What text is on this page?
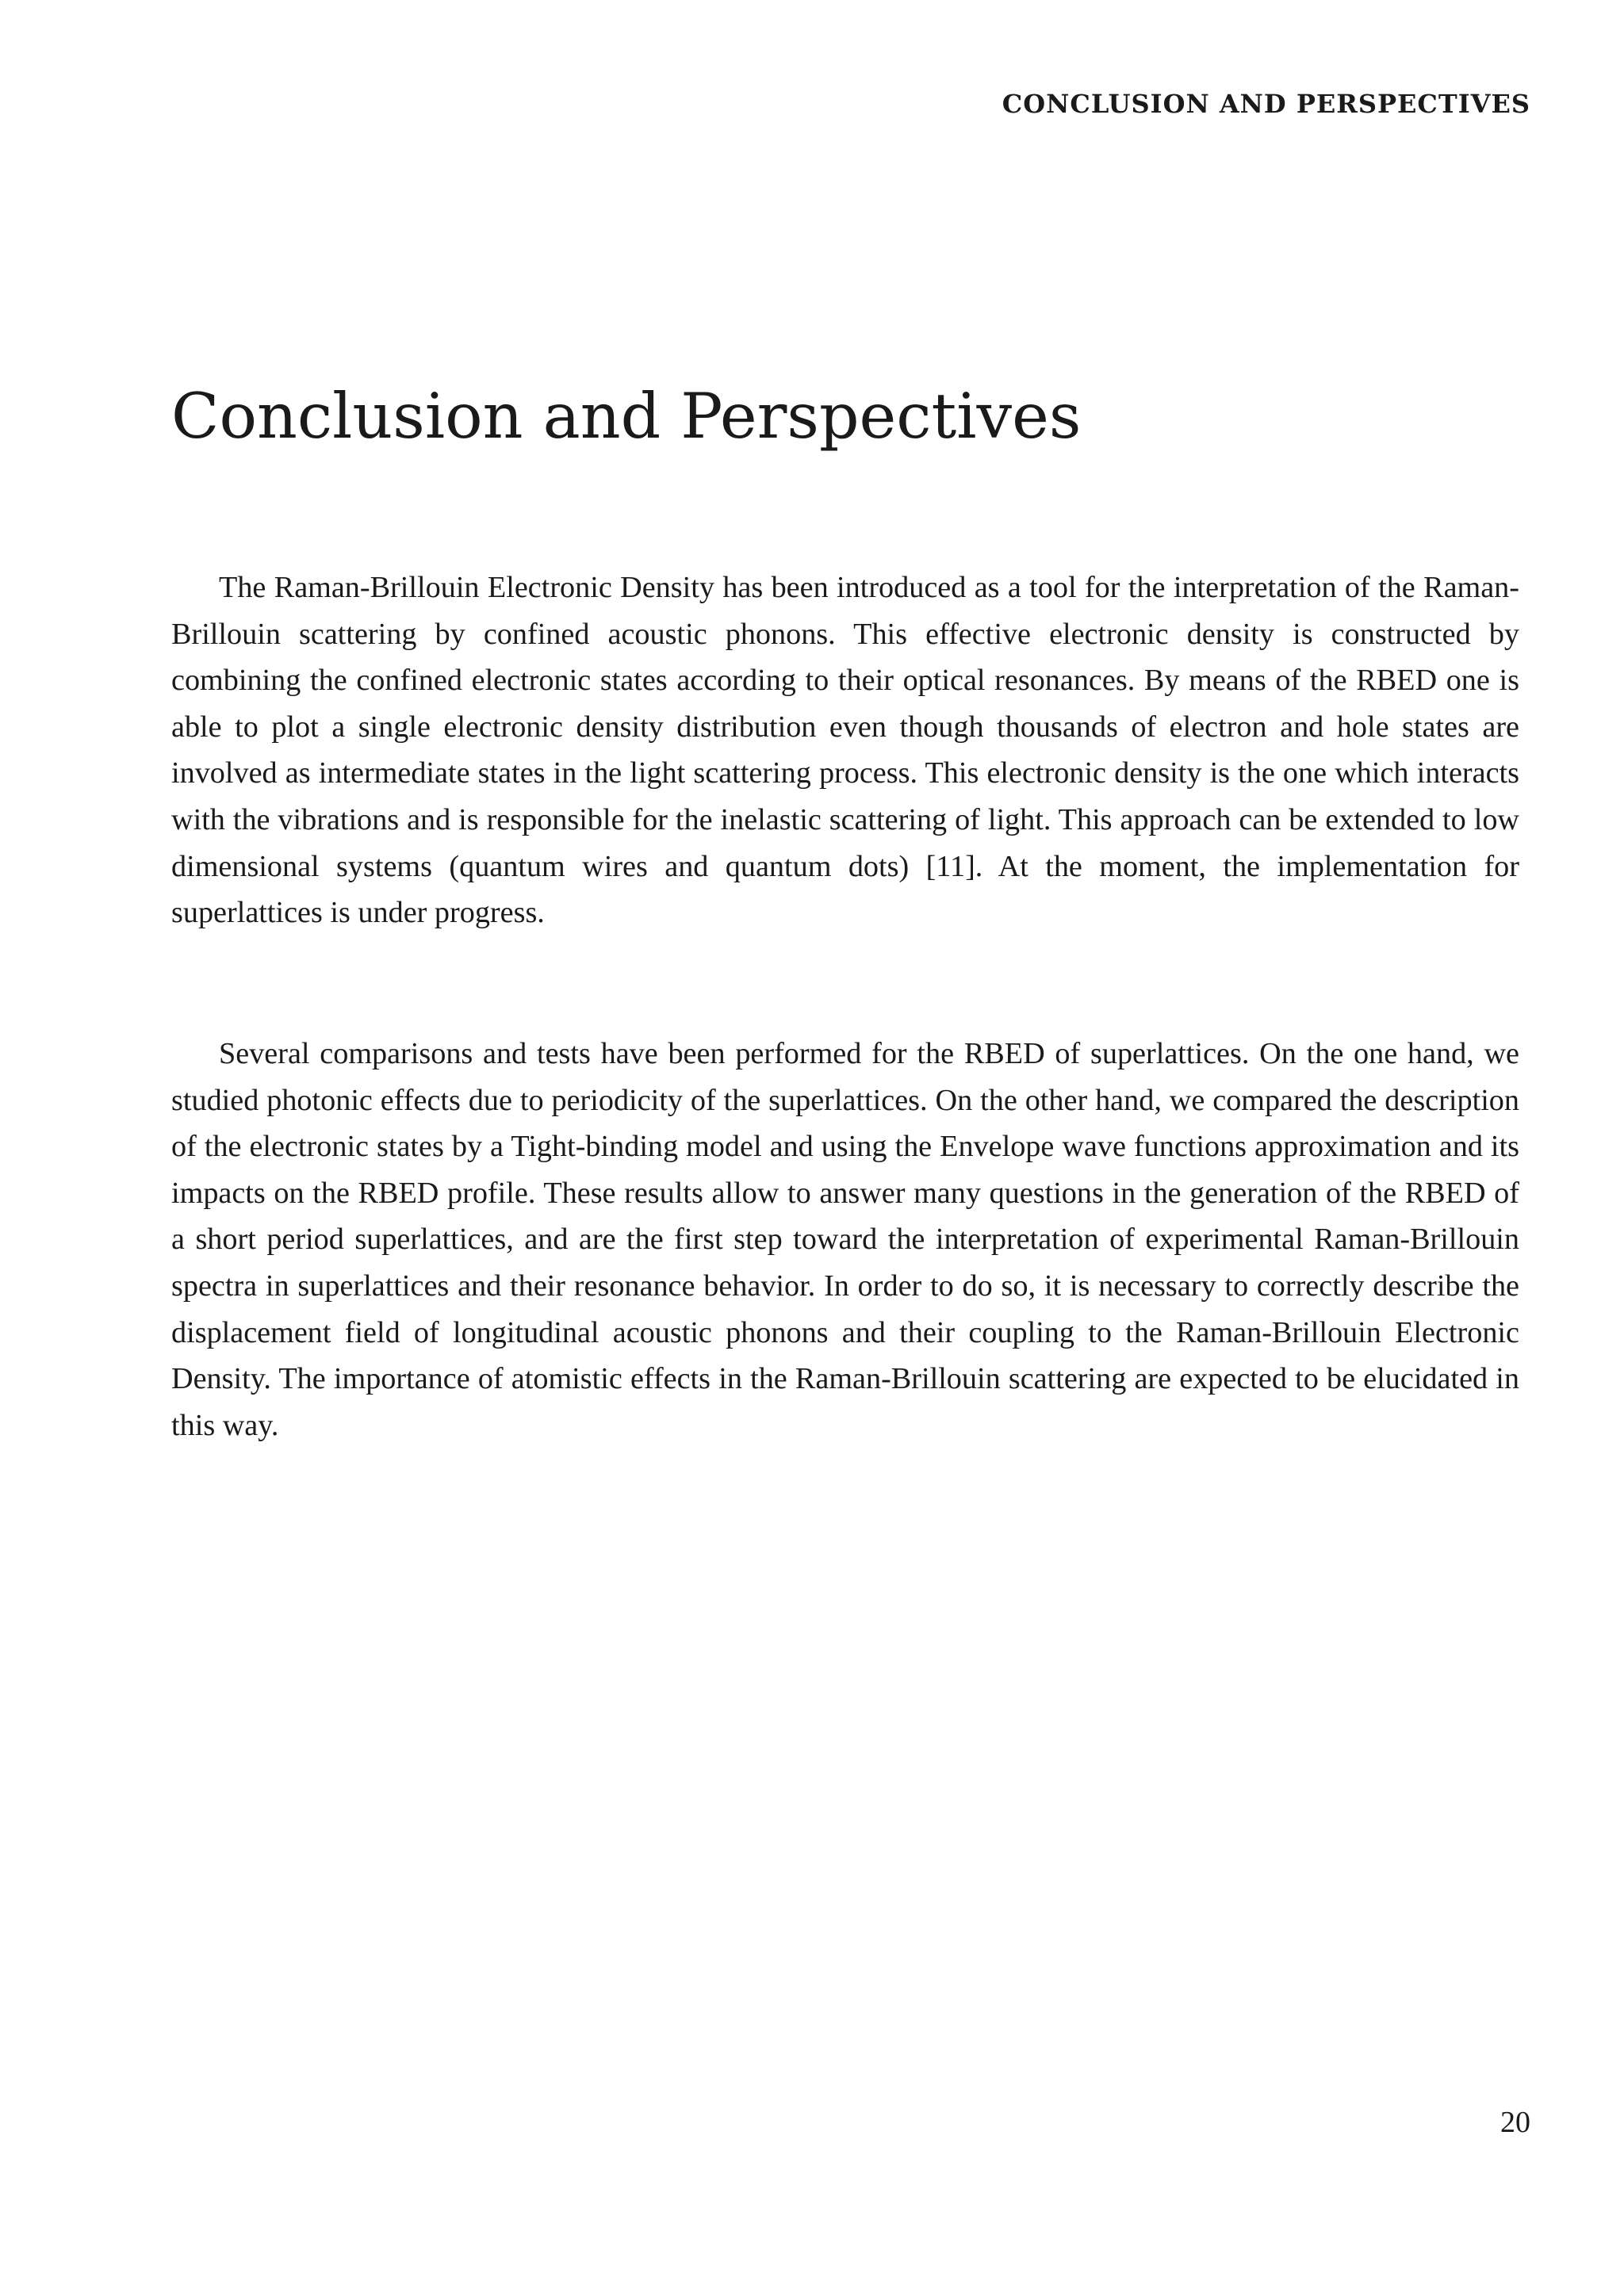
CONCLUSION AND PERSPECTIVES
Conclusion and Perspectives

The Raman-Brillouin Electronic Density has been introduced as a tool for the interpretation of the Raman-Brillouin scattering by confined acoustic phonons. This effective electronic density is constructed by combining the confined electronic states according to their optical resonances. By means of the RBED one is able to plot a single electronic density distribution even though thousands of electron and hole states are involved as intermediate states in the light scattering process. This electronic density is the one which interacts with the vibrations and is responsible for the inelastic scattering of light. This approach can be extended to low dimensional systems (quantum wires and quantum dots) [11]. At the moment, the implementation for superlattices is under progress.

Several comparisons and tests have been performed for the RBED of superlattices. On the one hand, we studied photonic effects due to periodicity of the superlattices. On the other hand, we compared the description of the electronic states by a Tight-binding model and using the Envelope wave functions approximation and its impacts on the RBED profile. These results allow to answer many questions in the generation of the RBED of a short period superlattices, and are the first step toward the interpretation of experimental Raman-Brillouin spectra in superlattices and their resonance behavior. In order to do so, it is necessary to correctly describe the displacement field of longitudinal acoustic phonons and their coupling to the Raman-Brillouin Electronic Density. The importance of atomistic effects in the Raman-Brillouin scattering are expected to be elucidated in this way.

20
